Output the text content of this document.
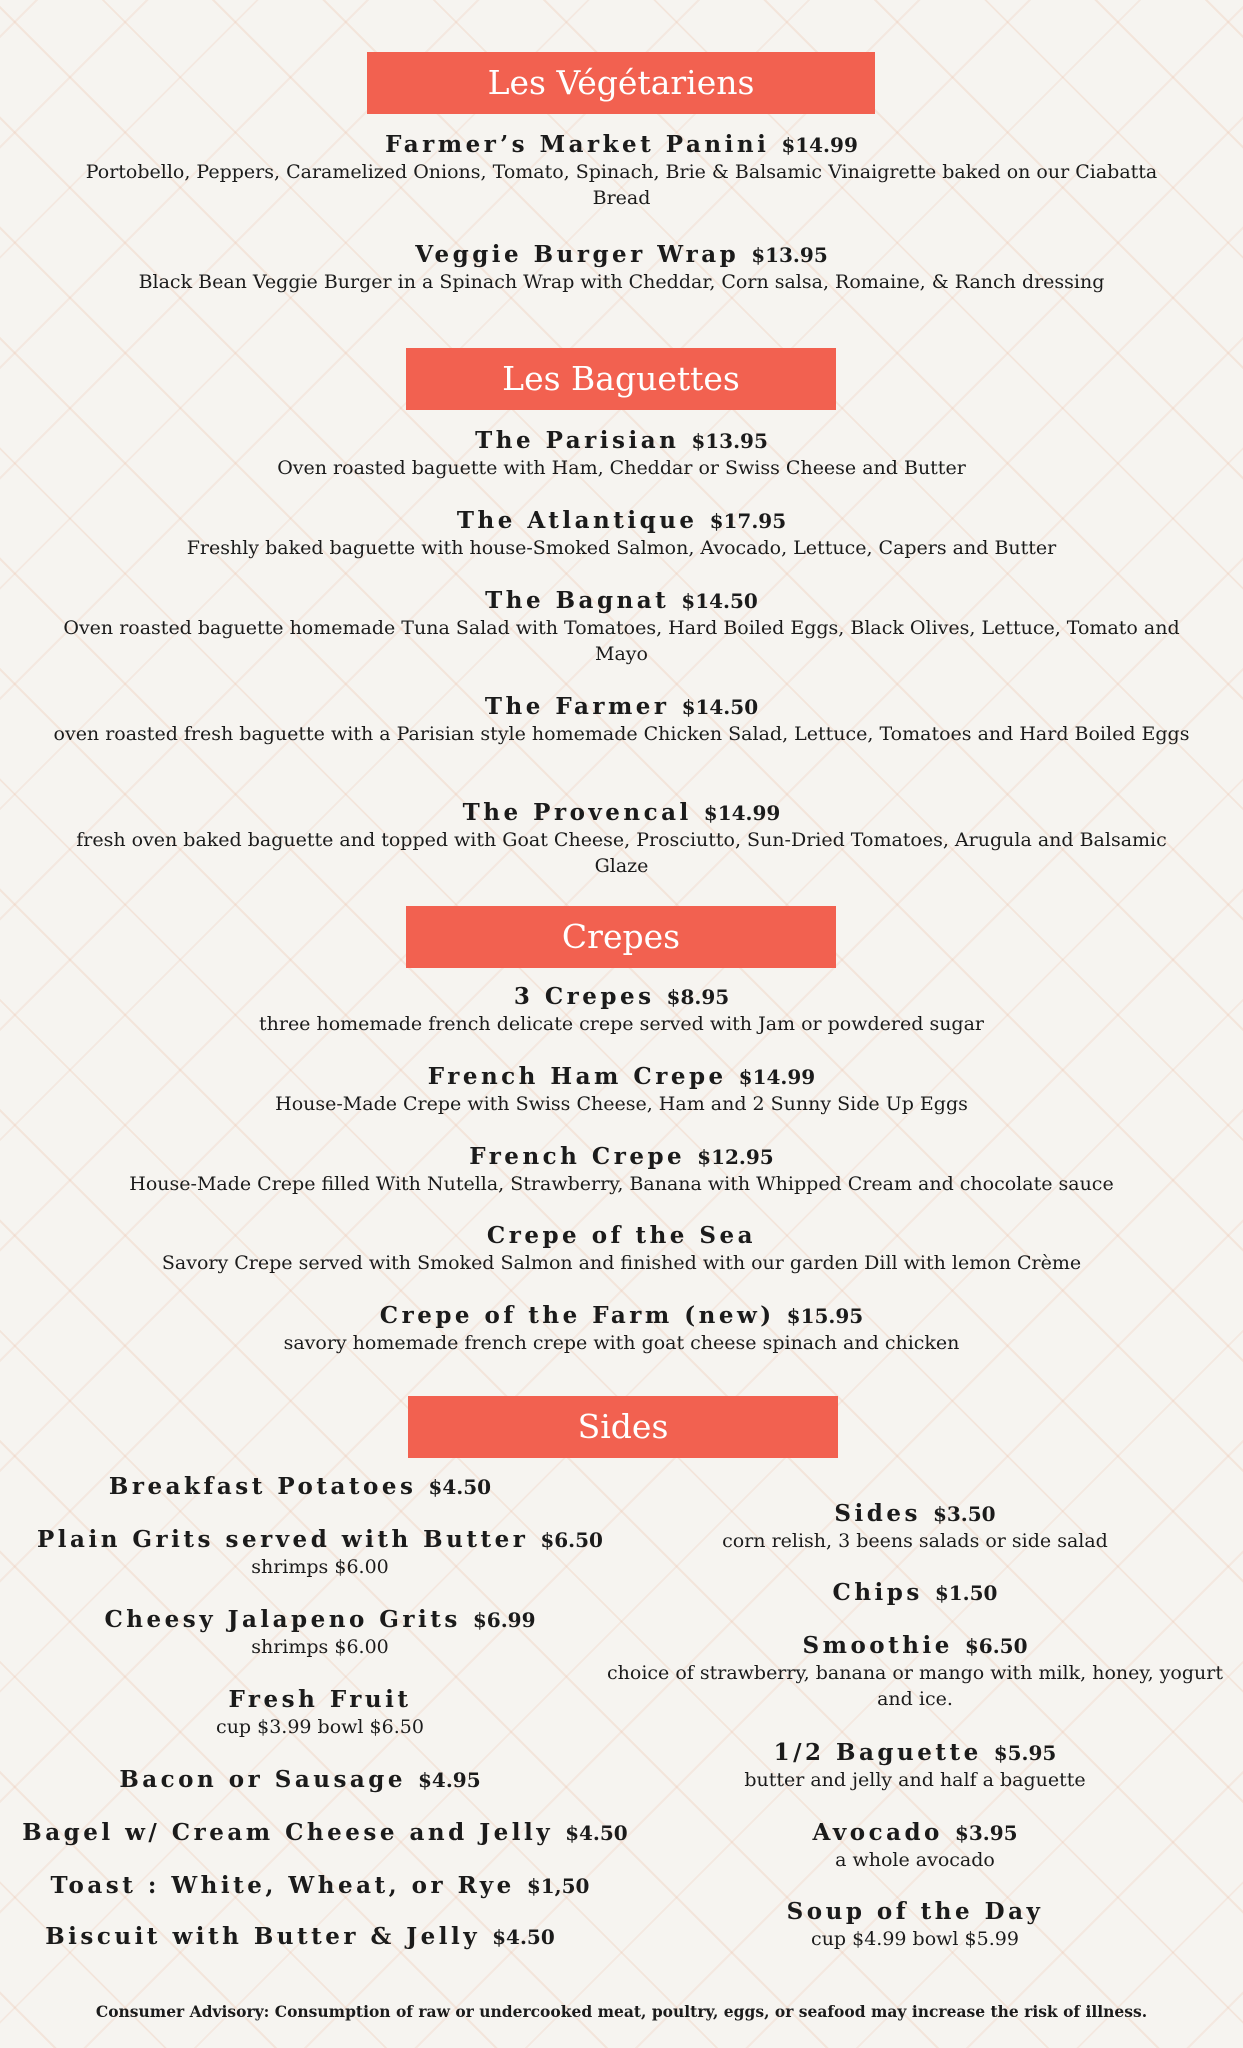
Les Végétariens
Farmer’s Market Panini $14.99
Portobello, Peppers, Caramelized Onions, Tomato, Spinach, Brie & Balsamic Vinaigrette baked on our Ciabatta Bread
Veggie Burger Wrap $13.95
Black Bean Veggie Burger in a Spinach Wrap with Cheddar, Corn salsa, Romaine, & Ranch dressing
Les Baguettes
The Parisian $13.95
Oven roasted baguette with Ham, Cheddar or Swiss Cheese and Butter
The Atlantique $17.95
Freshly baked baguette with house-Smoked Salmon, Avocado, Lettuce, Capers and Butter
The Bagnat $14.50
Oven roasted baguette homemade Tuna Salad with Tomatoes, Hard Boiled Eggs, Black Olives, Lettuce, Tomato and Mayo
The Farmer $14.50
oven roasted fresh baguette with a Parisian style homemade Chicken Salad, Lettuce, Tomatoes and Hard Boiled Eggs
The Provencal $14.99
fresh oven baked baguette and topped with Goat Cheese, Prosciutto, Sun-Dried Tomatoes, Arugula and Balsamic Glaze
Crepes
3 Crepes $8.95
three homemade french delicate crepe served with Jam or powdered sugar
French Ham Crepe $14.99
House-Made Crepe with Swiss Cheese, Ham and 2 Sunny Side Up Eggs
French Crepe $12.95
House-Made Crepe filled With Nutella, Strawberry, Banana with Whipped Cream and chocolate sauce
Crepe of the Sea
Savory Crepe served with Smoked Salmon and finished with our garden Dill with lemon Crème
Crepe of the Farm (new) $15.95
savory homemade french crepe with goat cheese spinach and chicken
Sides
Breakfast Potatoes $4.50
Plain Grits served with Butter $6.50
shrimps $6.00
Cheesy Jalapeno Grits $6.99
shrimps $6.00
Fresh Fruit
cup $3.99 bowl $6.50
Bacon or Sausage $4.95
Bagel w/ Cream Cheese and Jelly $4.50
Toast : White, Wheat, or Rye $1,50
Biscuit with Butter & Jelly $4.50
Sides $3.50
corn relish, 3 beens salads or side salad
Chips $1.50
Smoothie $6.50
choice of strawberry, banana or mango with milk, honey, yogurt and ice.
1/2 Baguette $5.95
butter and jelly and half a baguette
Avocado $3.95
a whole avocado
Soup of the Day
cup $4.99 bowl $5.99
Consumer Advisory: Consumption of raw or undercooked meat, poultry, eggs, or seafood may increase the risk of illness.
